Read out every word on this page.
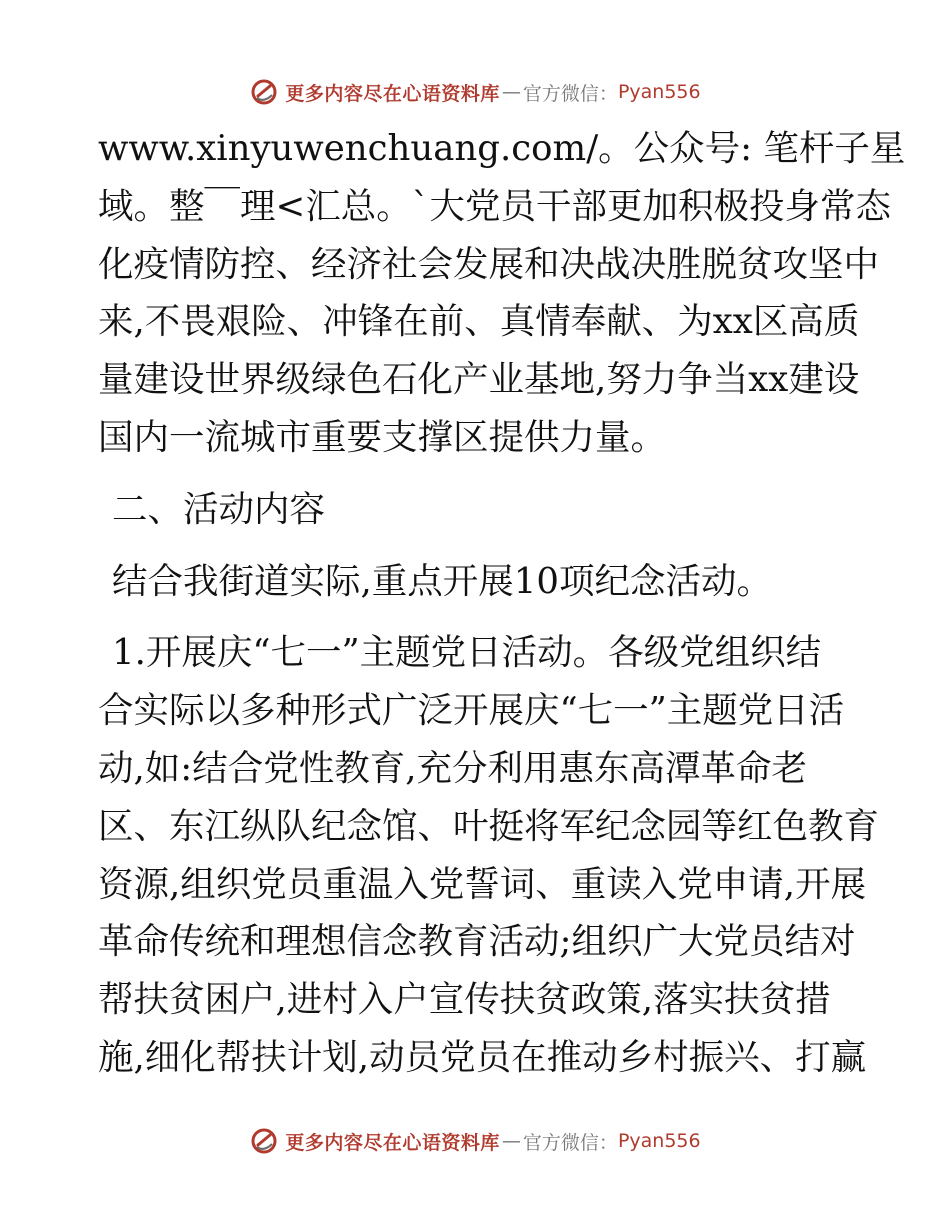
更多内容尽在心语资料库 — 官方微信： Pyan556
www.xinyuwenchuang.com/。公众号: 笔杆子星
域。整￣理<汇总。`大党员干部更加积极投身常态
化疫情防控、经济社会发展和决战决胜脱贫攻坚中
来,不畏艰险、冲锋在前、真情奉献、为xx区高质
量建设世界级绿色石化产业基地,努力争当xx建设
国内一流城市重要支撑区提供力量。
二、活动内容
结合我街道实际,重点开展10项纪念活动。
1.开展庆“七一”主题党日活动。各级党组织结
合实际以多种形式广泛开展庆“七一”主题党日活
动,如:结合党性教育,充分利用惠东高潭革命老
区、东江纵队纪念馆、叶挺将军纪念园等红色教育
资源,组织党员重温入党誓词、重读入党申请,开展
革命传统和理想信念教育活动;组织广大党员结对
帮扶贫困户,进村入户宣传扶贫政策,落实扶贫措
施,细化帮扶计划,动员党员在推动乡村振兴、打赢
更多内容尽在心语资料库 — 官方微信： Pyan556
